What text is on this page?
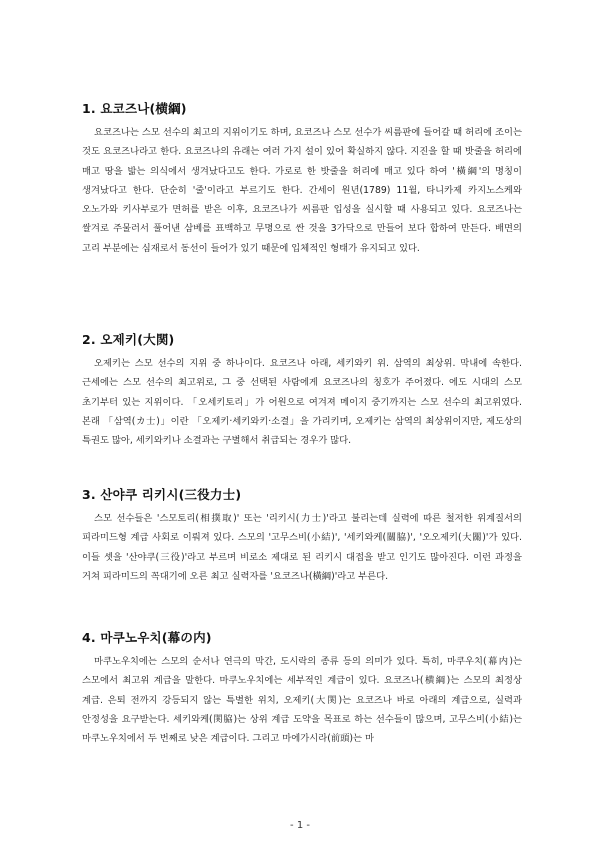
1. 요코즈나(横綱)

요코즈나는 스모 선수의 최고의 지위이기도 하며, 요코즈나 스모 선수가 씨름판에 들어갈 때 허리에 조이는 것도 요코즈나라고 한다. 요코즈나의 유래는 여러 가지 설이 있어 확실하지 않다. 지진을 할 때 밧줄을 허리에 매고 땅을 밟는 의식에서 생겨났다고도 한다. 가로로 한 밧줄을 허리에 매고 있다 하여 '橫綱'의 명칭이 생겨났다고 한다. 단순히 '줄'이라고 부르기도 한다. 간세이 원년(1789) 11월, 타니카제 카지노스케와 오노가와 키사부로가 면허를 받은 이후, 요코즈나가 씨름판 입성을 실시할 때 사용되고 있다. 요코즈나는 쌀겨로 주물러서 풀어낸 삼베를 표백하고 무명으로 싼 것을 3가닥으로 만들어 보다 합하여 만든다. 배면의 고리 부분에는 심재로서 동선이 들어가 있기 때문에 입체적인 형태가 유지되고 있다.

2. 오제키(大関)

오제키는 스모 선수의 지위 중 하나이다. 요코즈나 아래, 세키와키 위. 삼역의 최상위. 막내에 속한다. 근세에는 스모 선수의 최고위로, 그 중 선택된 사람에게 요코즈나의 칭호가 주어졌다. 에도 시대의 스모 초기부터 있는 지위이다. 「오세키토리」가 어원으로 여겨져 메이지 중기까지는 스모 선수의 최고위였다. 본래 「삼역(カ士)」이란 「오제키·세키와키·소결」을 가리키며, 오제키는 삼역의 최상위이지만, 제도상의 특권도 많아, 세키와키나 소결과는 구별해서 취급되는 경우가 많다.

3. 산야쿠 리키시(三役力士)

스모 선수들은 '스모토리(相撲取)' 또는 '리키시(力士)'라고 불리는데 실력에 따른 철저한 위계질서의 피라미드형 계급 사회로 이뤄져 있다. 스모의 '고무스비(小結)', '세키와케(關脇)', '오오제키(大關)'가 있다. 이들 셋을 '산야쿠(三役)'라고 부르며 비로소 제대로 된 리키시 대접을 받고 인기도 많아진다. 이런 과정을 거쳐 피라미드의 꼭대기에 오른 최고 실력자를 '요코즈나(橫綱)'라고 부른다.

4. 마쿠노우치(幕の内)

마쿠노우치에는 스모의 순서나 연극의 막간, 도시락의 종류 등의 의미가 있다. 특히, 마쿠우치(幕内)는 스모에서 최고위 계급을 말한다. 마쿠노우치에는 세부적인 계급이 있다. 요코즈나(横綱)는 스모의 최정상 계급. 은퇴 전까지 강등되지 않는 특별한 위치, 오제키(大関)는 요코즈나 바로 아래의 계급으로, 실력과 안정성을 요구받는다. 세키와케(関脇)는 상위 계급 도약을 목표로 하는 선수들이 많으며, 고무스비(小結)는 마쿠노우치에서 두 번째로 낮은 계급이다. 그리고 마에가시라(前頭)는 마

- 1 -
